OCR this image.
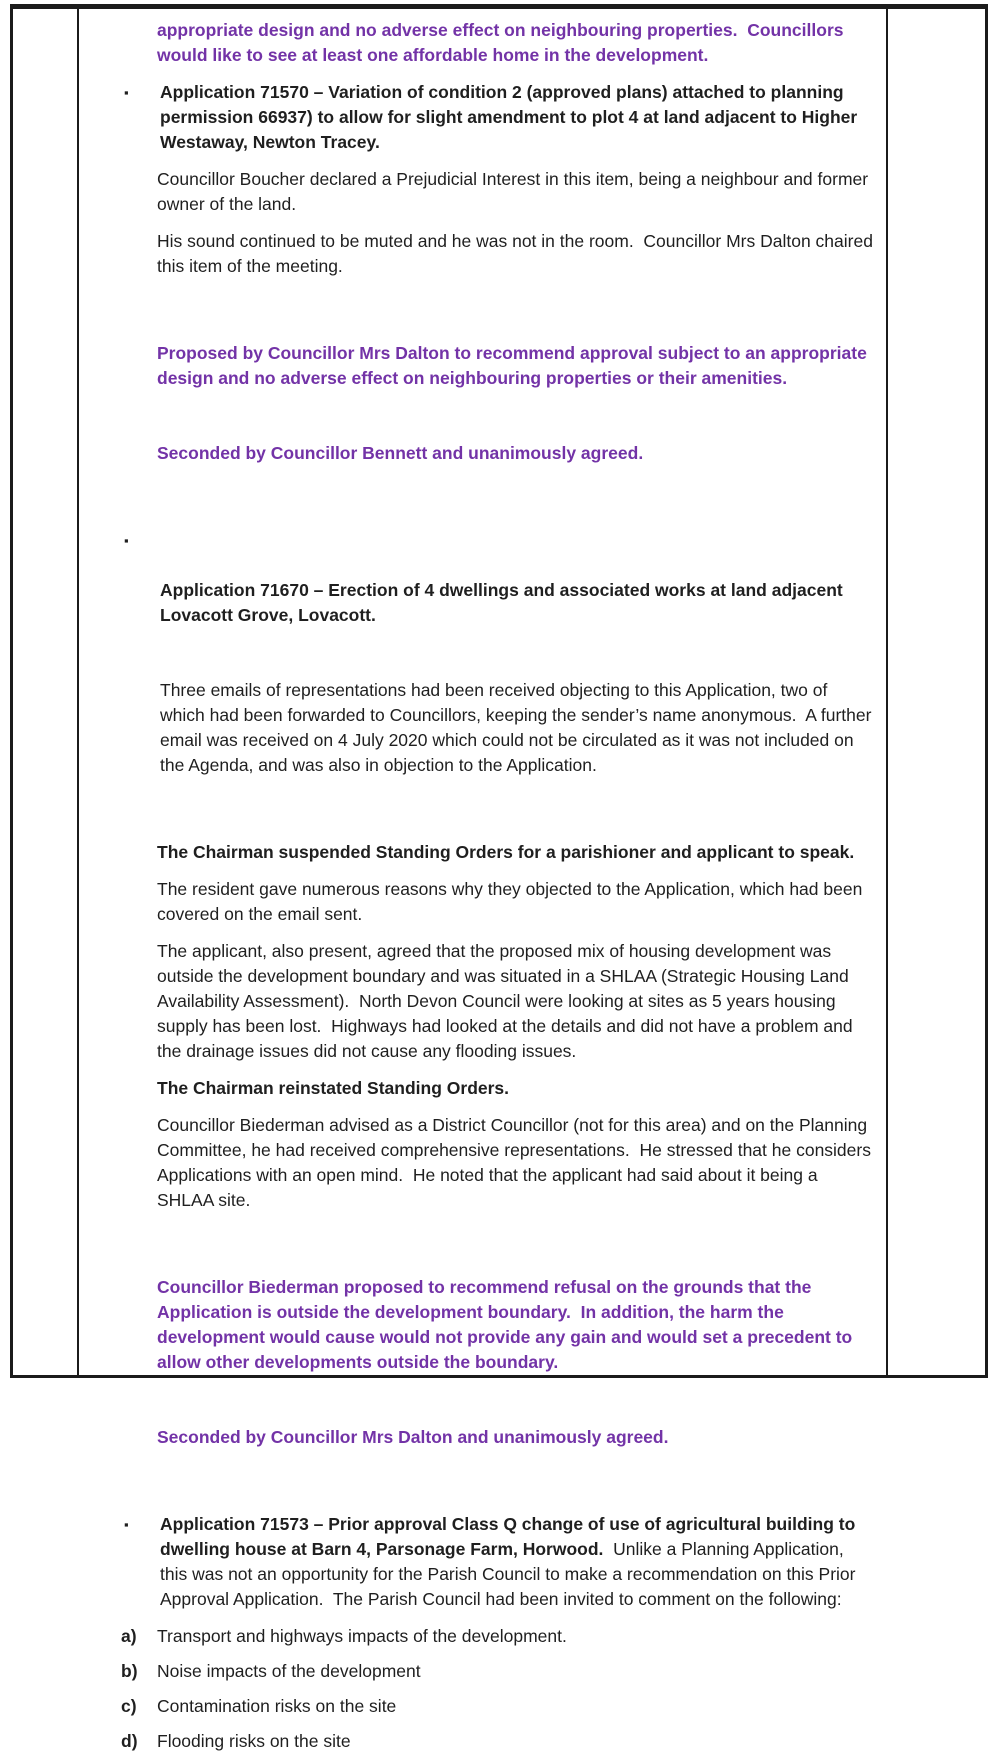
appropriate design and no adverse effect on neighbouring properties.  Councillors would like to see at least one affordable home in the development.

▪	Application 71570 – Variation of condition 2 (approved plans) attached to planning permission 66937) to allow for slight amendment to plot 4 at land adjacent to Higher Westaway, Newton Tracey.

Councillor Boucher declared a Prejudicial Interest in this item, being a neighbour and former owner of the land.

His sound continued to be muted and he was not in the room.  Councillor Mrs Dalton chaired this item of the meeting.

Proposed by Councillor Mrs Dalton to recommend approval subject to an appropriate design and no adverse effect on neighbouring properties or their amenities.

Seconded by Councillor Bennett and unanimously agreed.

▪

Application 71670 – Erection of 4 dwellings and associated works at land adjacent Lovacott Grove, Lovacott.

Three emails of representations had been received objecting to this Application, two of which had been forwarded to Councillors, keeping the sender’s name anonymous.  A further email was received on 4 July 2020 which could not be circulated as it was not included on the Agenda, and was also in objection to the Application.

The Chairman suspended Standing Orders for a parishioner and applicant to speak.

The resident gave numerous reasons why they objected to the Application, which had been covered on the email sent.

The applicant, also present, agreed that the proposed mix of housing development was outside the development boundary and was situated in a SHLAA (Strategic Housing Land Availability Assessment).  North Devon Council were looking at sites as 5 years housing supply has been lost.  Highways had looked at the details and did not have a problem and the drainage issues did not cause any flooding issues.

The Chairman reinstated Standing Orders.

Councillor Biederman advised as a District Councillor (not for this area) and on the Planning Committee, he had received comprehensive representations.  He stressed that he considers Applications with an open mind.  He noted that the applicant had said about it being a SHLAA site.

Councillor Biederman proposed to recommend refusal on the grounds that the Application is outside the development boundary.  In addition, the harm the development would cause would not provide any gain and would set a precedent to allow other developments outside the boundary.

Seconded by Councillor Mrs Dalton and unanimously agreed.

▪	Application 71573 – Prior approval Class Q change of use of agricultural building to dwelling house at Barn 4, Parsonage Farm, Horwood.  Unlike a Planning Application, this was not an opportunity for the Parish Council to make a recommendation on this Prior Approval Application.  The Parish Council had been invited to comment on the following:
a)	Transport and highways impacts of the development.
b)	Noise impacts of the development
c)	Contamination risks on the site
d)	Flooding risks on the site
